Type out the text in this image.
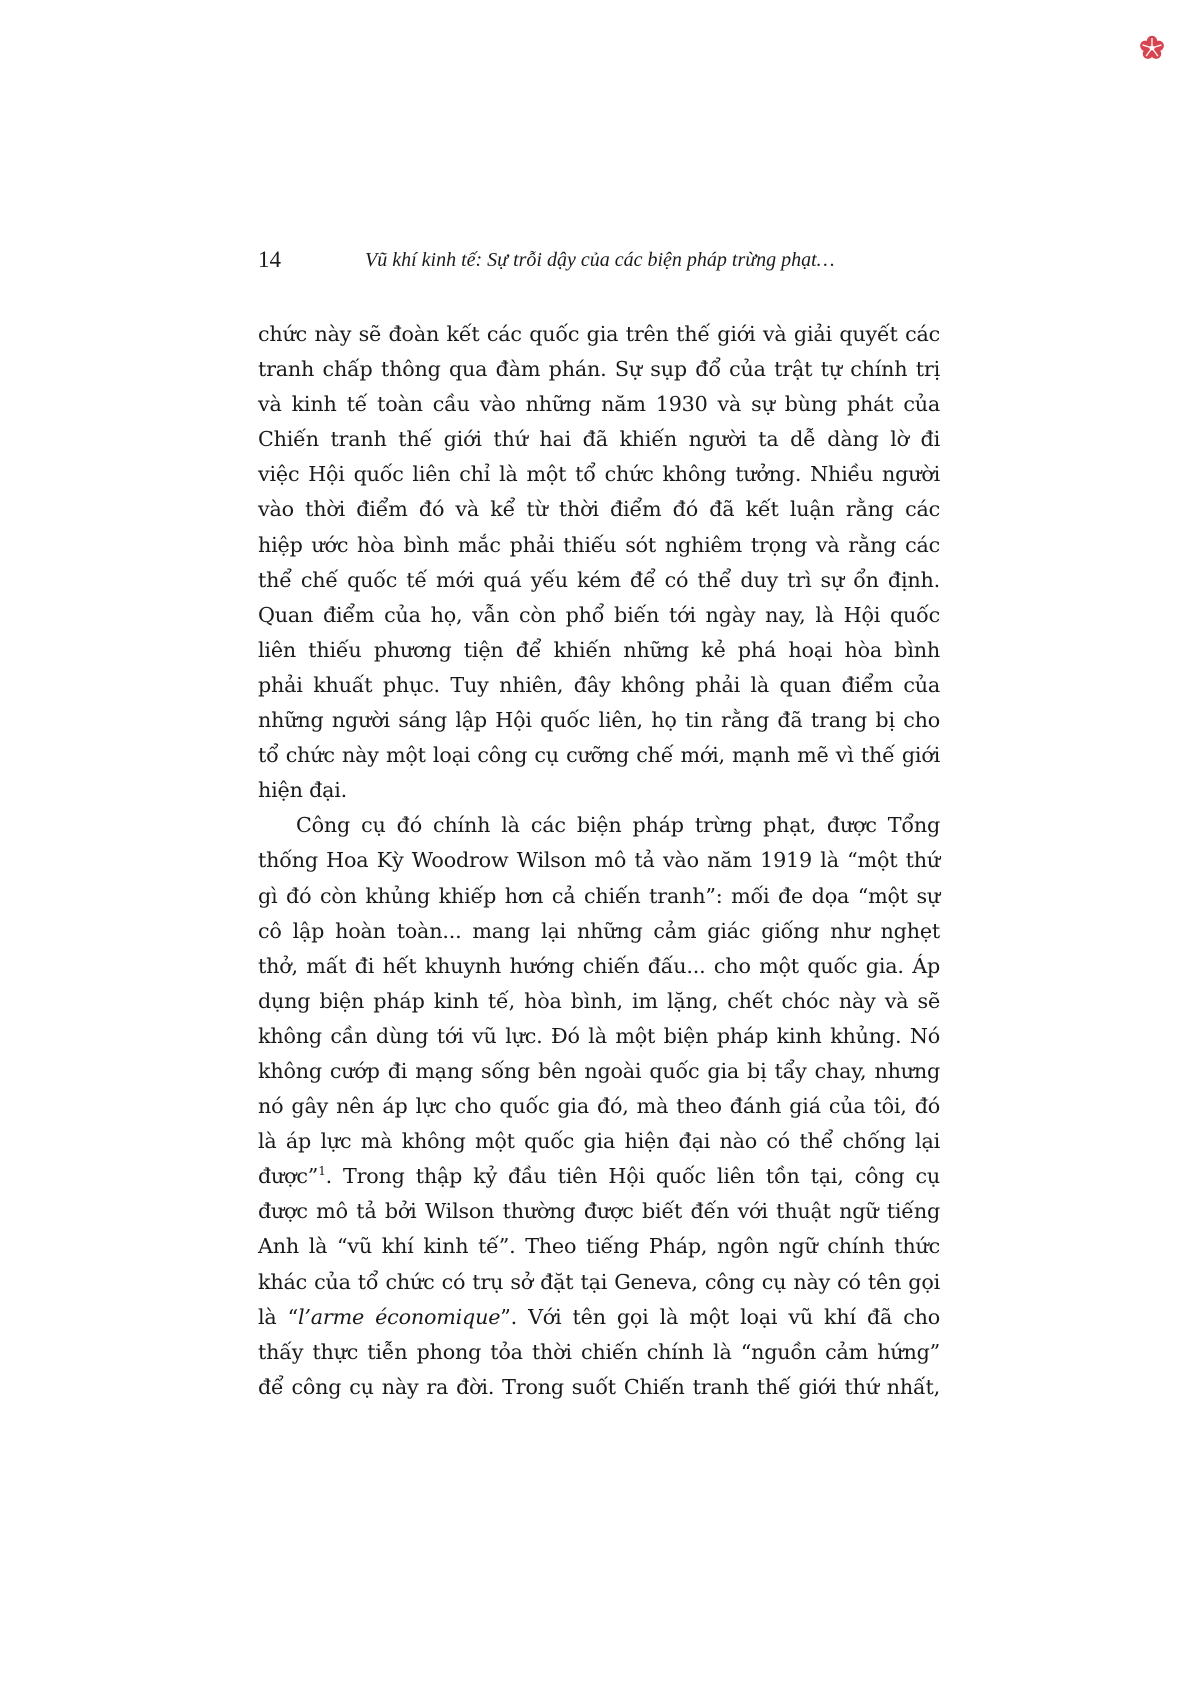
14	Vũ khí kinh tế: Sự trỗi dậy của các biện pháp trừng phạt…

chức này sẽ đoàn kết các quốc gia trên thế giới và giải quyết các

tranh chấp thông qua đàm phán. Sự sụp đổ của trật tự chính trị

và kinh tế toàn cầu vào những năm 1930 và sự bùng phát của

Chiến tranh thế giới thứ hai đã khiến người ta dễ dàng lờ đi

việc Hội quốc liên chỉ là một tổ chức không tưởng. Nhiều người

vào thời điểm đó và kể từ thời điểm đó đã kết luận rằng các

hiệp ước hòa bình mắc phải thiếu sót nghiêm trọng và rằng các

thể chế quốc tế mới quá yếu kém để có thể duy trì sự ổn định.

Quan điểm của họ, vẫn còn phổ biến tới ngày nay, là Hội quốc

liên thiếu phương tiện để khiến những kẻ phá hoại hòa bình

phải khuất phục. Tuy nhiên, đây không phải là quan điểm của

những người sáng lập Hội quốc liên, họ tin rằng đã trang bị cho

tổ chức này một loại công cụ cưỡng chế mới, mạnh mẽ vì thế giới

hiện đại.

Công cụ đó chính là các biện pháp trừng phạt, được Tổng

thống Hoa Kỳ Woodrow Wilson mô tả vào năm 1919 là “một thứ

gì đó còn khủng khiếp hơn cả chiến tranh”: mối đe dọa “một sự

cô lập hoàn toàn... mang lại những cảm giác giống như nghẹt

thở, mất đi hết khuynh hướng chiến đấu... cho một quốc gia. Áp

dụng biện pháp kinh tế, hòa bình, im lặng, chết chóc này và sẽ

không cần dùng tới vũ lực. Đó là một biện pháp kinh khủng. Nó

không cướp đi mạng sống bên ngoài quốc gia bị tẩy chay, nhưng

nó gây nên áp lực cho quốc gia đó, mà theo đánh giá của tôi, đó

là áp lực mà không một quốc gia hiện đại nào có thể chống lại

được”$^1$. Trong thập kỷ đầu tiên Hội quốc liên tồn tại, công cụ

được mô tả bởi Wilson thường được biết đến với thuật ngữ tiếng

Anh là “vũ khí kinh tế”. Theo tiếng Pháp, ngôn ngữ chính thức

khác của tổ chức có trụ sở đặt tại Geneva, công cụ này có tên gọi

là “l’arme économique”. Với tên gọi là một loại vũ khí đã cho

thấy thực tiễn phong tỏa thời chiến chính là “nguồn cảm hứng”

để công cụ này ra đời. Trong suốt Chiến tranh thế giới thứ nhất,
